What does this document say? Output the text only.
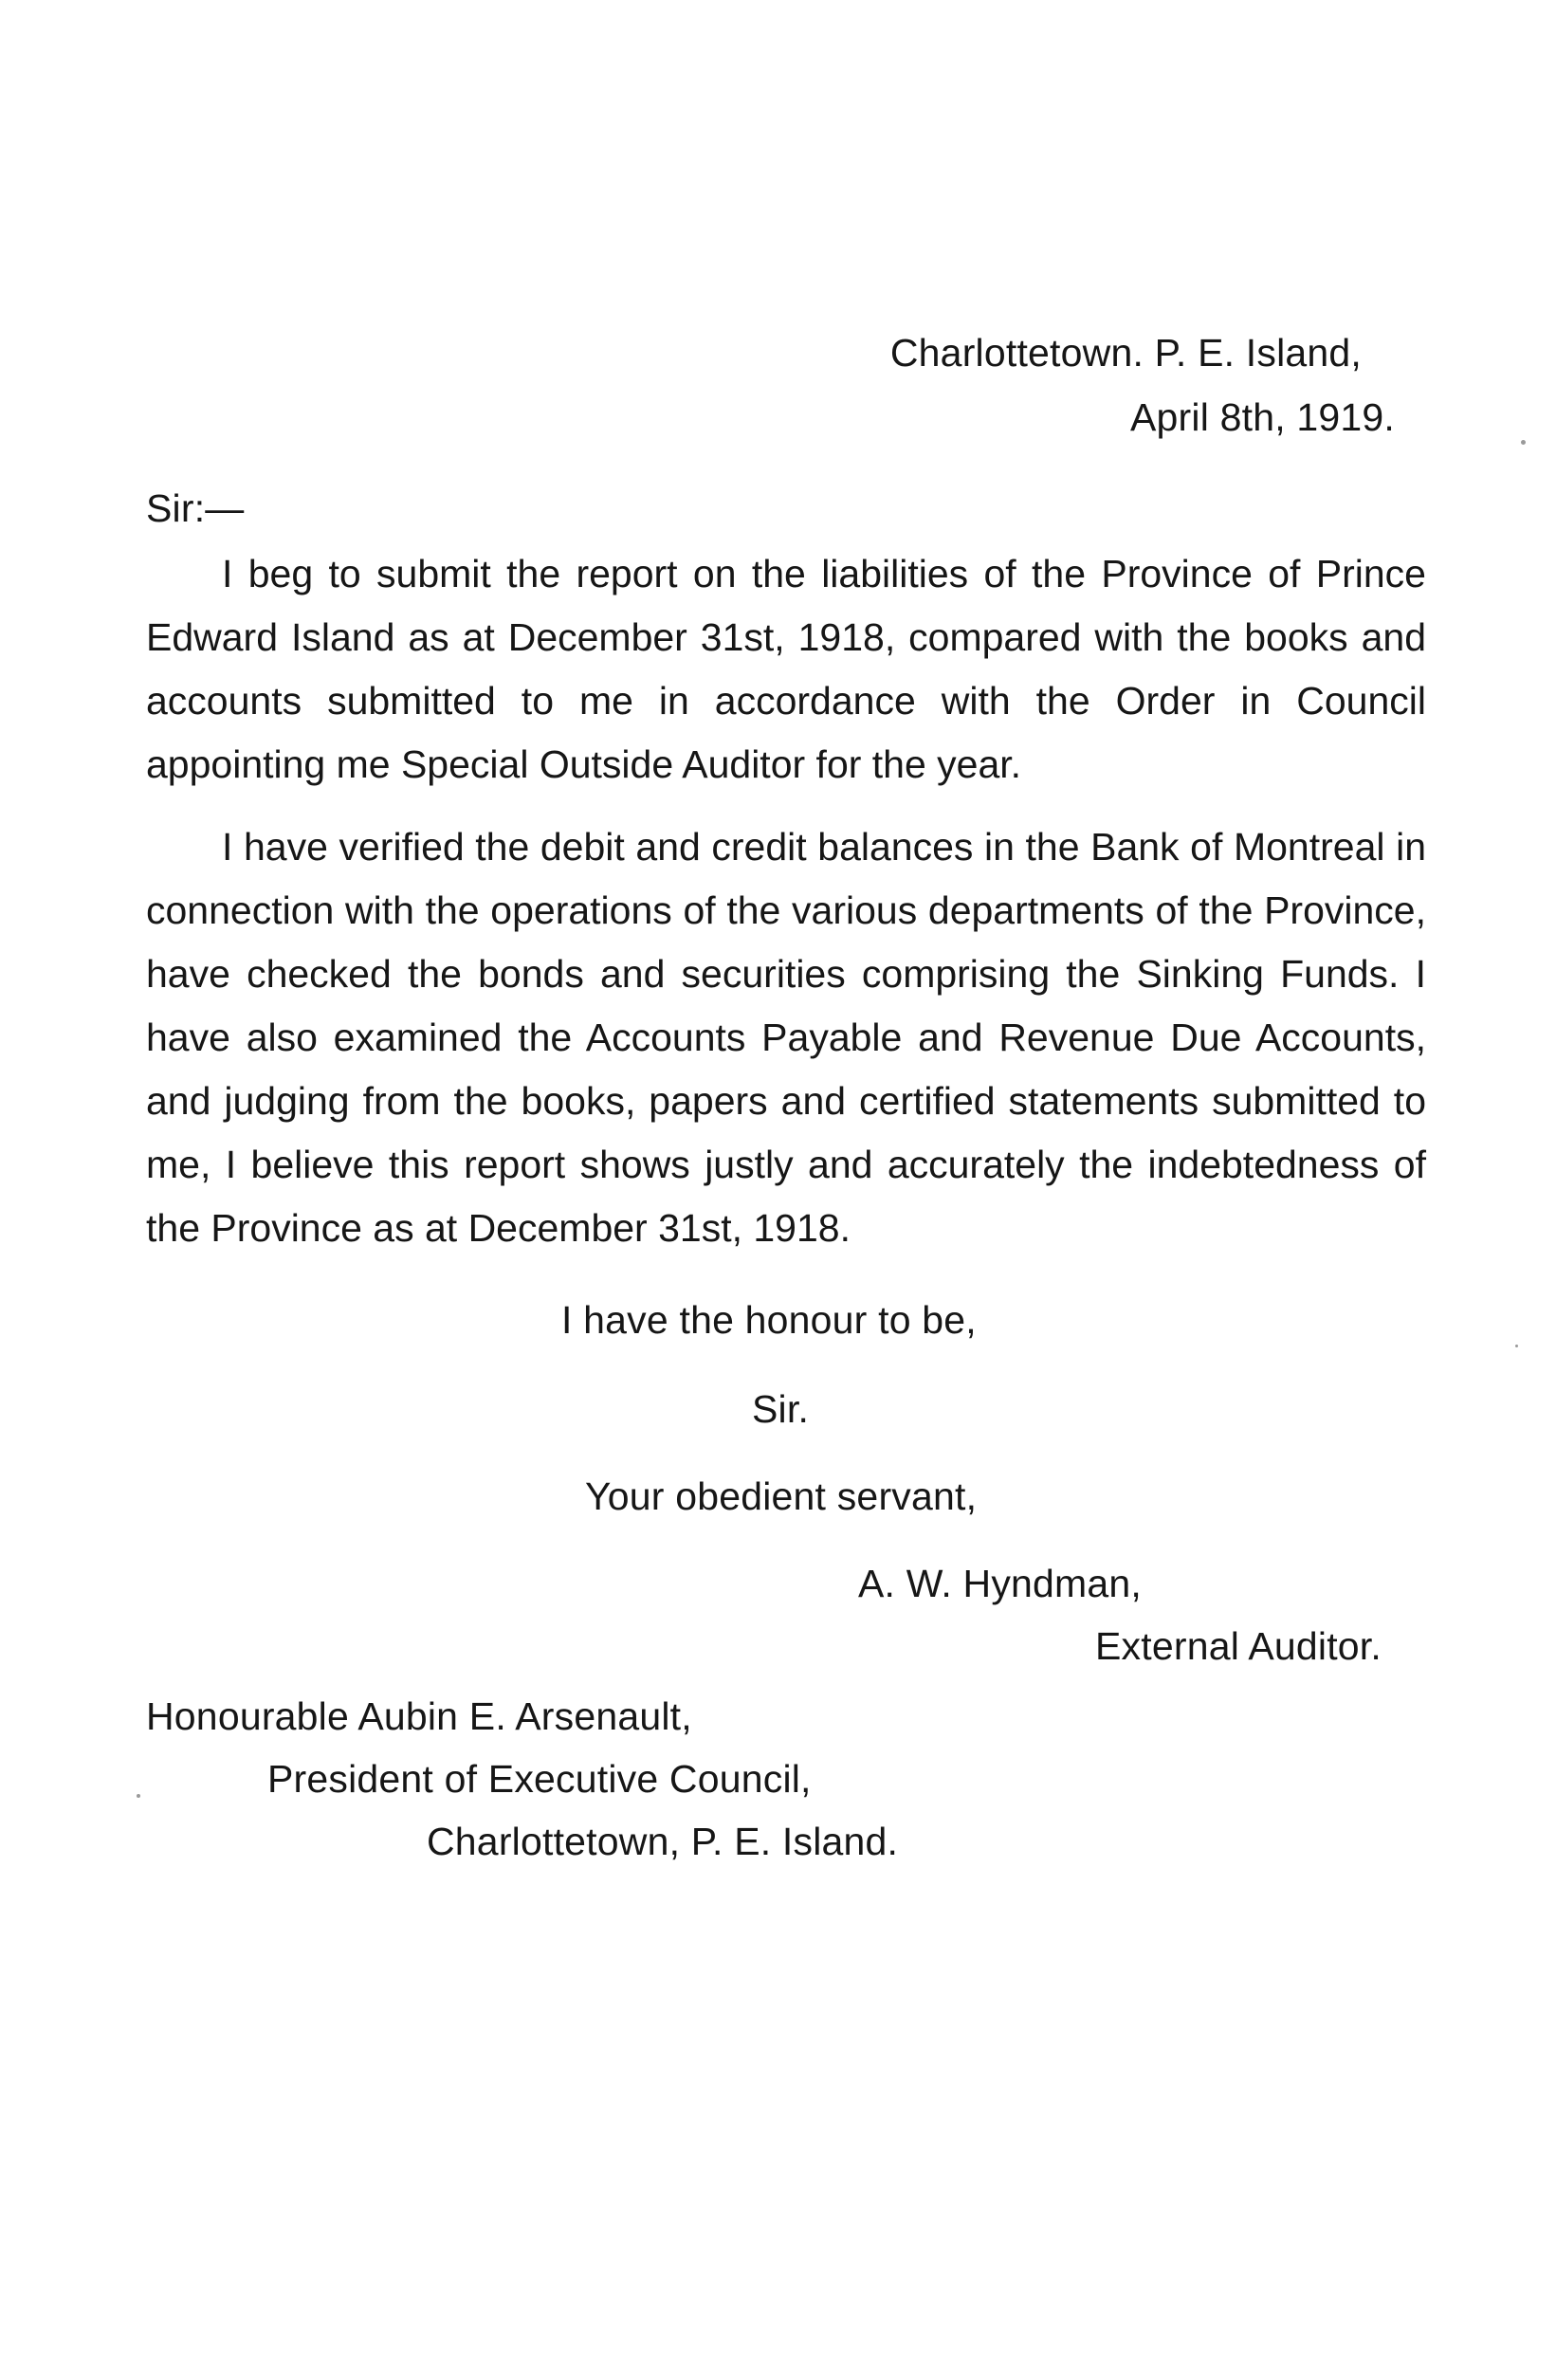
Charlottetown. P. E. Island,
April 8th, 1919.
Sir:—
I beg to submit the report on the liabilities of the Province of Prince Edward Island as at December 31st, 1918, compared with the books and accounts submitted to me in accordance with the Order in Council appointing me Special Outside Auditor for the year.
I have verified the debit and credit balances in the Bank of Montreal in connection with the operations of the various departments of the Province, have checked the bonds and securities comprising the Sinking Funds. I have also examined the Accounts Payable and Revenue Due Accounts, and judging from the books, papers and certified statements submitted to me, I believe this report shows justly and accurately the indebtedness of the Province as at December 31st, 1918.
I have the honour to be,
Sir.
Your obedient servant,
A. W. Hyndman,
External Auditor.
Honourable Aubin E. Arsenault,
President of Executive Council,
Charlottetown, P. E. Island.
